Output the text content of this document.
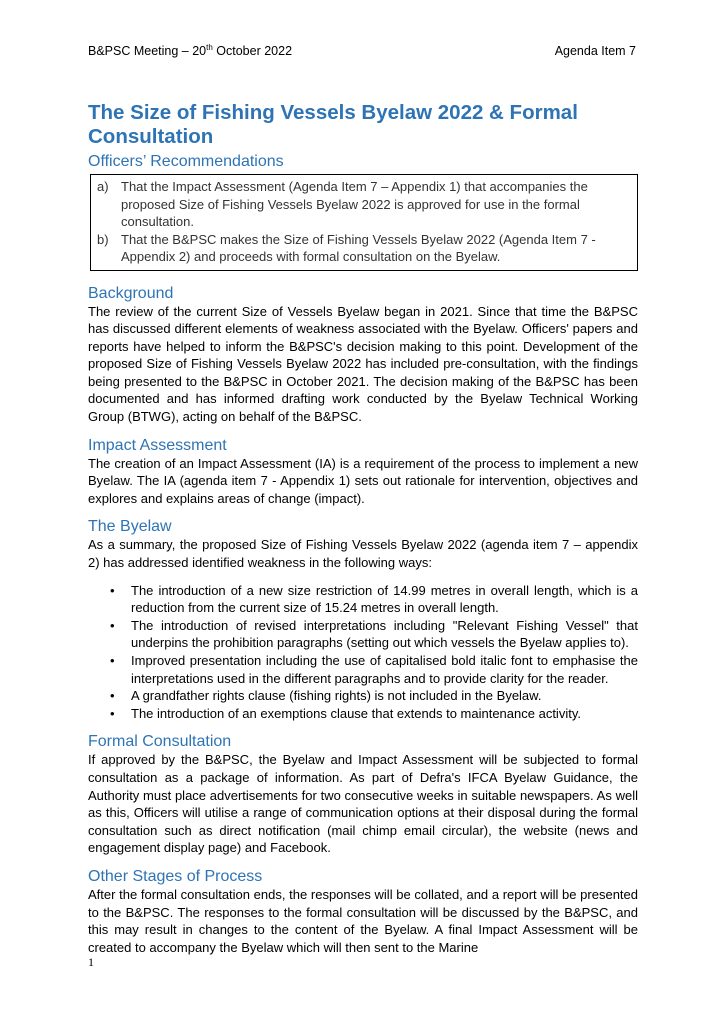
B&PSC Meeting – 20th October 2022	Agenda Item 7
The Size of Fishing Vessels Byelaw 2022 & Formal Consultation
Officers’ Recommendations
a) That the Impact Assessment (Agenda Item 7 – Appendix 1) that accompanies the proposed Size of Fishing Vessels Byelaw 2022 is approved for use in the formal consultation.
b) That the B&PSC makes the Size of Fishing Vessels Byelaw 2022 (Agenda Item 7 - Appendix 2) and proceeds with formal consultation on the Byelaw.
Background

The review of the current Size of Vessels Byelaw began in 2021. Since that time the B&PSC has discussed different elements of weakness associated with the Byelaw. Officers' papers and reports have helped to inform the B&PSC's decision making to this point. Development of the proposed Size of Fishing Vessels Byelaw 2022 has included pre-consultation, with the findings being presented to the B&PSC in October 2021. The decision making of the B&PSC has been documented and has informed drafting work conducted by the Byelaw Technical Working Group (BTWG), acting on behalf of the B&PSC.

Impact Assessment

The creation of an Impact Assessment (IA) is a requirement of the process to implement a new Byelaw. The IA (agenda item 7 - Appendix 1) sets out rationale for intervention, objectives and explores and explains areas of change (impact).

The Byelaw

As a summary, the proposed Size of Fishing Vessels Byelaw 2022 (agenda item 7 – appendix 2) has addressed identified weakness in the following ways:

•	The introduction of a new size restriction of 14.99 metres in overall length, which is a reduction from the current size of 15.24 metres in overall length.
•	The introduction of revised interpretations including "Relevant Fishing Vessel" that underpins the prohibition paragraphs (setting out which vessels the Byelaw applies to).
•	Improved presentation including the use of capitalised bold italic font to emphasise the interpretations used in the different paragraphs and to provide clarity for the reader.
•	A grandfather rights clause (fishing rights) is not included in the Byelaw.
•	The introduction of an exemptions clause that extends to maintenance activity.
Formal Consultation

If approved by the B&PSC, the Byelaw and Impact Assessment will be subjected to formal consultation as a package of information. As part of Defra's IFCA Byelaw Guidance, the Authority must place advertisements for two consecutive weeks in suitable newspapers. As well as this, Officers will utilise a range of communication options at their disposal during the formal consultation such as direct notification (mail chimp email circular), the website (news and engagement display page) and Facebook.

Other Stages of Process

After the formal consultation ends, the responses will be collated, and a report will be presented to the B&PSC. The responses to the formal consultation will be discussed by the B&PSC, and this may result in changes to the content of the Byelaw. A final Impact Assessment will be created to accompany the Byelaw which will then sent to the Marine

1
